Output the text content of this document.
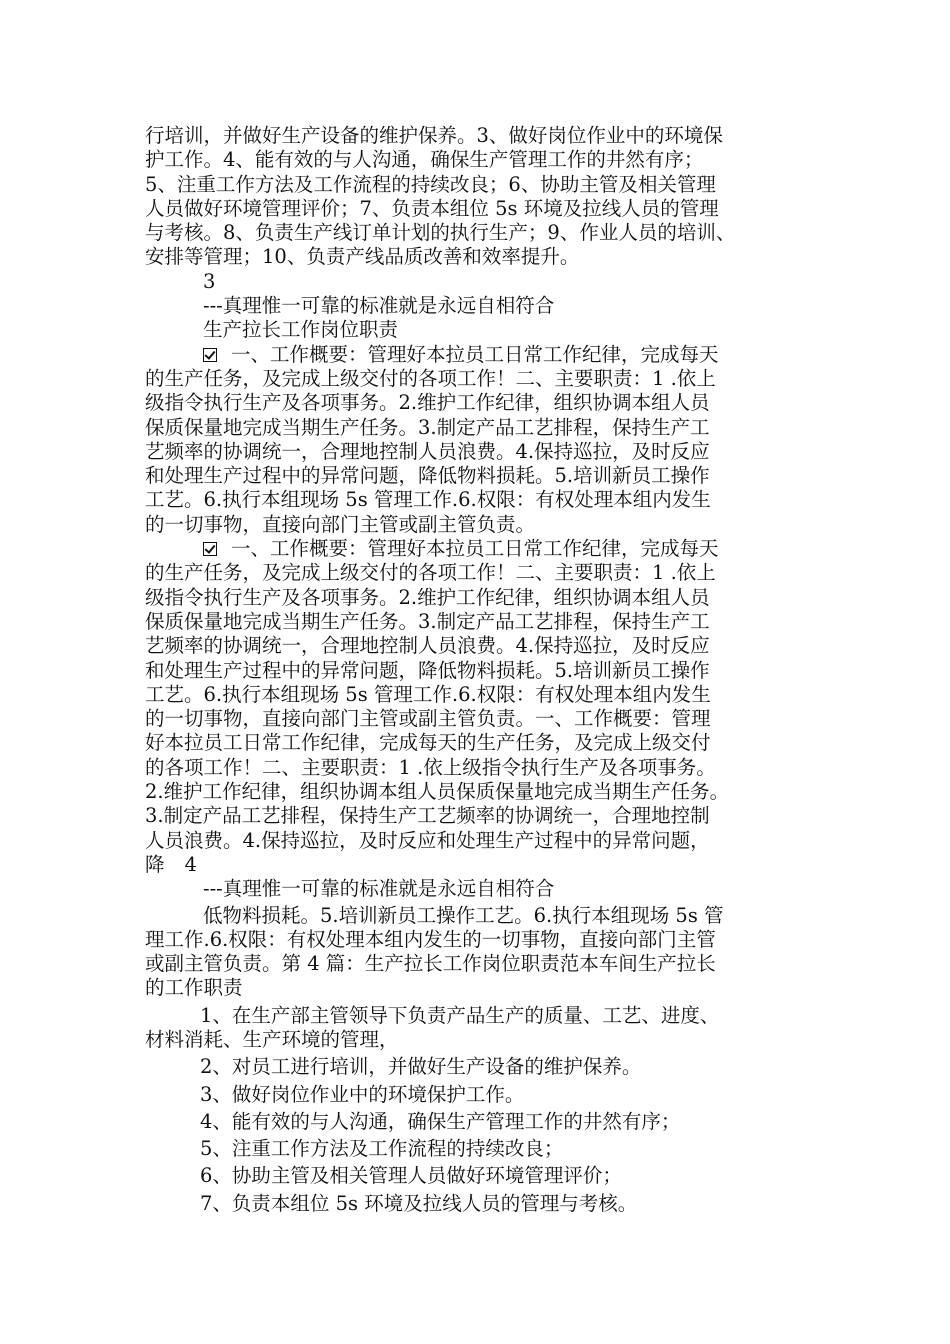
行培训，并做好生产设备的维护保养。3、做好岗位作业中的环境保
护工作。4、能有效的与人沟通，确保生产管理工作的井然有序；
5、注重工作方法及工作流程的持续改良；6、协助主管及相关管理
人员做好环境管理评价；7、负责本组位 5s 环境及拉线人员的管理
与考核。8、负责生产线订单计划的执行生产；9、作业人员的培训、
安排等管理；10、负责产线品质改善和效率提升。
3
---真理惟一可靠的标准就是永远自相符合
生产拉长工作岗位职责
一、工作概要：管理好本拉员工日常工作纪律，完成每天
的生产任务，及完成上级交付的各项工作！二、主要职责：1 .依上
级指令执行生产及各项事务。2.维护工作纪律，组织协调本组人员
保质保量地完成当期生产任务。3.制定产品工艺排程，保持生产工
艺频率的协调统一，合理地控制人员浪费。4.保持巡拉，及时反应
和处理生产过程中的异常问题，降低物料损耗。5.培训新员工操作
工艺。6.执行本组现场 5s 管理工作.6.权限：有权处理本组内发生
的一切事物，直接向部门主管或副主管负责。
一、工作概要：管理好本拉员工日常工作纪律，完成每天
的生产任务，及完成上级交付的各项工作！二、主要职责：1 .依上
级指令执行生产及各项事务。2.维护工作纪律，组织协调本组人员
保质保量地完成当期生产任务。3.制定产品工艺排程，保持生产工
艺频率的协调统一，合理地控制人员浪费。4.保持巡拉，及时反应
和处理生产过程中的异常问题，降低物料损耗。5.培训新员工操作
工艺。6.执行本组现场 5s 管理工作.6.权限：有权处理本组内发生
的一切事物，直接向部门主管或副主管负责。一、工作概要：管理
好本拉员工日常工作纪律，完成每天的生产任务，及完成上级交付
的各项工作！二、主要职责：1 .依上级指令执行生产及各项事务。
2.维护工作纪律，组织协调本组人员保质保量地完成当期生产任务。
3.制定产品工艺排程，保持生产工艺频率的协调统一，合理地控制
人员浪费。4.保持巡拉，及时反应和处理生产过程中的异常问题，
降 4
---真理惟一可靠的标准就是永远自相符合
低物料损耗。5.培训新员工操作工艺。6.执行本组现场 5s 管
理工作.6.权限：有权处理本组内发生的一切事物，直接向部门主管
或副主管负责。第 4 篇：生产拉长工作岗位职责范本车间生产拉长
的工作职责
1、在生产部主管领导下负责产品生产的质量、工艺、进度、
材料消耗、生产环境的管理，
2、对员工进行培训，并做好生产设备的维护保养。
3、做好岗位作业中的环境保护工作。
4、能有效的与人沟通，确保生产管理工作的井然有序；
5、注重工作方法及工作流程的持续改良；
6、协助主管及相关管理人员做好环境管理评价；
7、负责本组位 5s 环境及拉线人员的管理与考核。
